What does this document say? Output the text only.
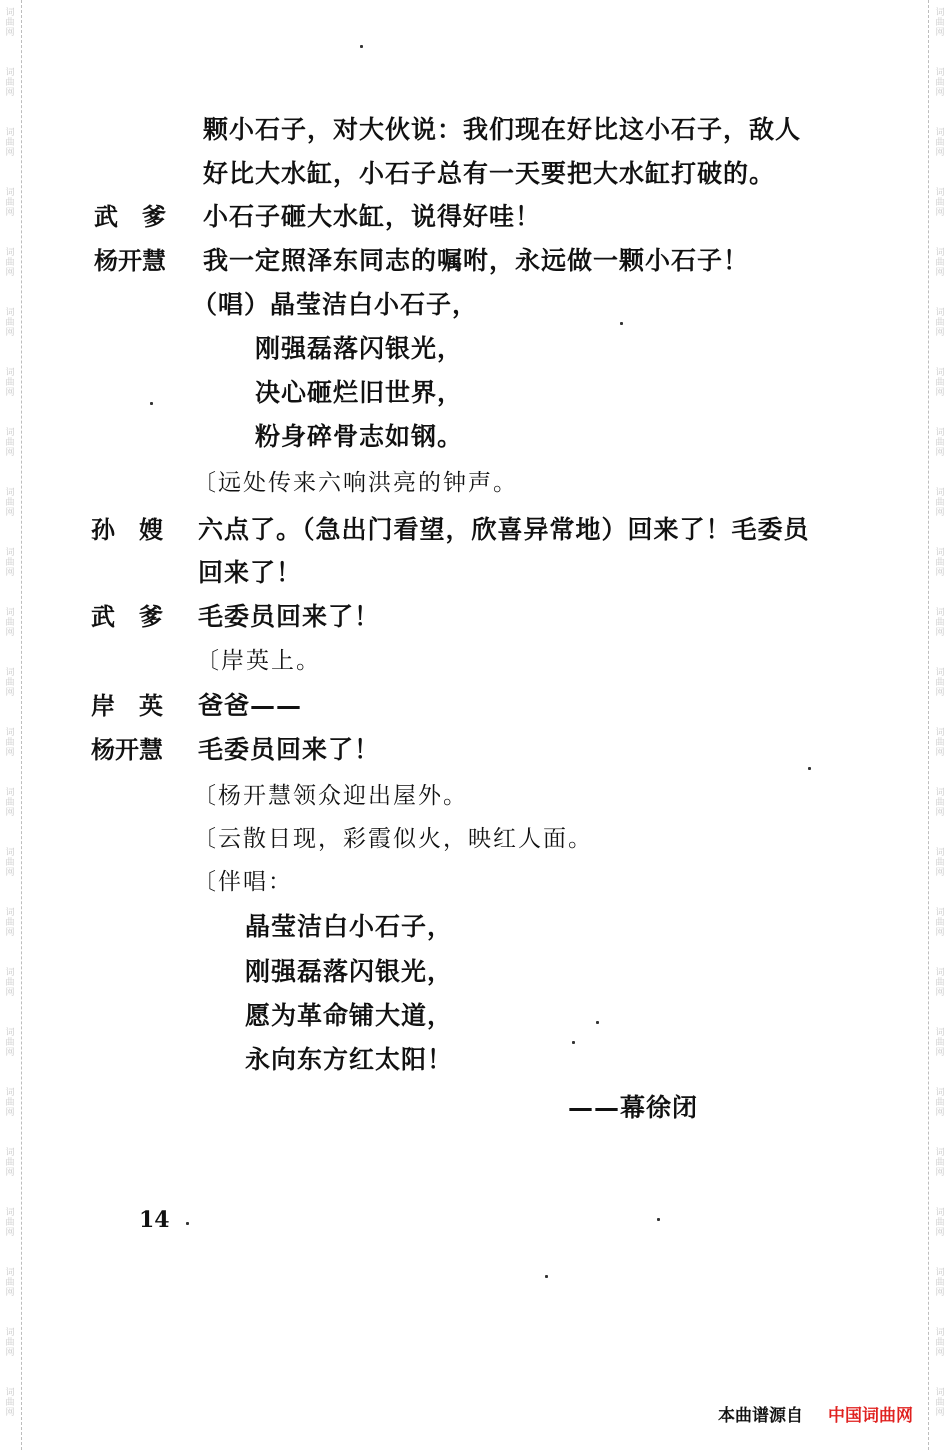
词
曲
网
词
曲
网
词
曲
网
词
曲
网
词
曲
网
词
曲
网
词
曲
网
词
曲
网
词
曲
网
词
曲
网
词
曲
网
词
曲
网
词
曲
网
词
曲
网
词
曲
网
词
曲
网
词
曲
网
词
曲
网
词
曲
网
词
曲
网
词
曲
网
词
曲
网
词
曲
网
词
曲
网
词
曲
网
词
曲
网
词
曲
网
词
曲
网
词
曲
网
词
曲
网
词
曲
网
词
曲
网
词
曲
网
词
曲
网
词
曲
网
词
曲
网
词
曲
网
词
曲
网
词
曲
网
词
曲
网
词
曲
网
词
曲
网
词
曲
网
词
曲
网
词
曲
网
词
曲
网
词
曲
网
词
曲
网
颗小石子，对大伙说：我们现在好比这小石子，敌人
好比大水缸，小石子总有一天要把大水缸打破的。
武　爹 小石子砸大水缸，说得好哇！
杨开慧 我一定照泽东同志的嘱咐，永远做一颗小石子！
（唱）晶莹洁白小石子，
刚强磊落闪银光，
决心砸烂旧世界，
粉身碎骨志如钢。
〔远处传来六响洪亮的钟声。
孙　嫂 六点了。（急出门看望，欣喜异常地）回来了！毛委员
回来了！
武　爹 毛委员回来了！
〔岸英上。
岸　英 爸爸——
杨开慧 毛委员回来了！
〔杨开慧领众迎出屋外。
〔云散日现，彩霞似火，映红人面。
〔伴唱：
晶莹洁白小石子，
刚强磊落闪银光，
愿为革命铺大道，
永向东方红太阳！
——幕徐闭
14
本曲谱源自 中国词曲网
